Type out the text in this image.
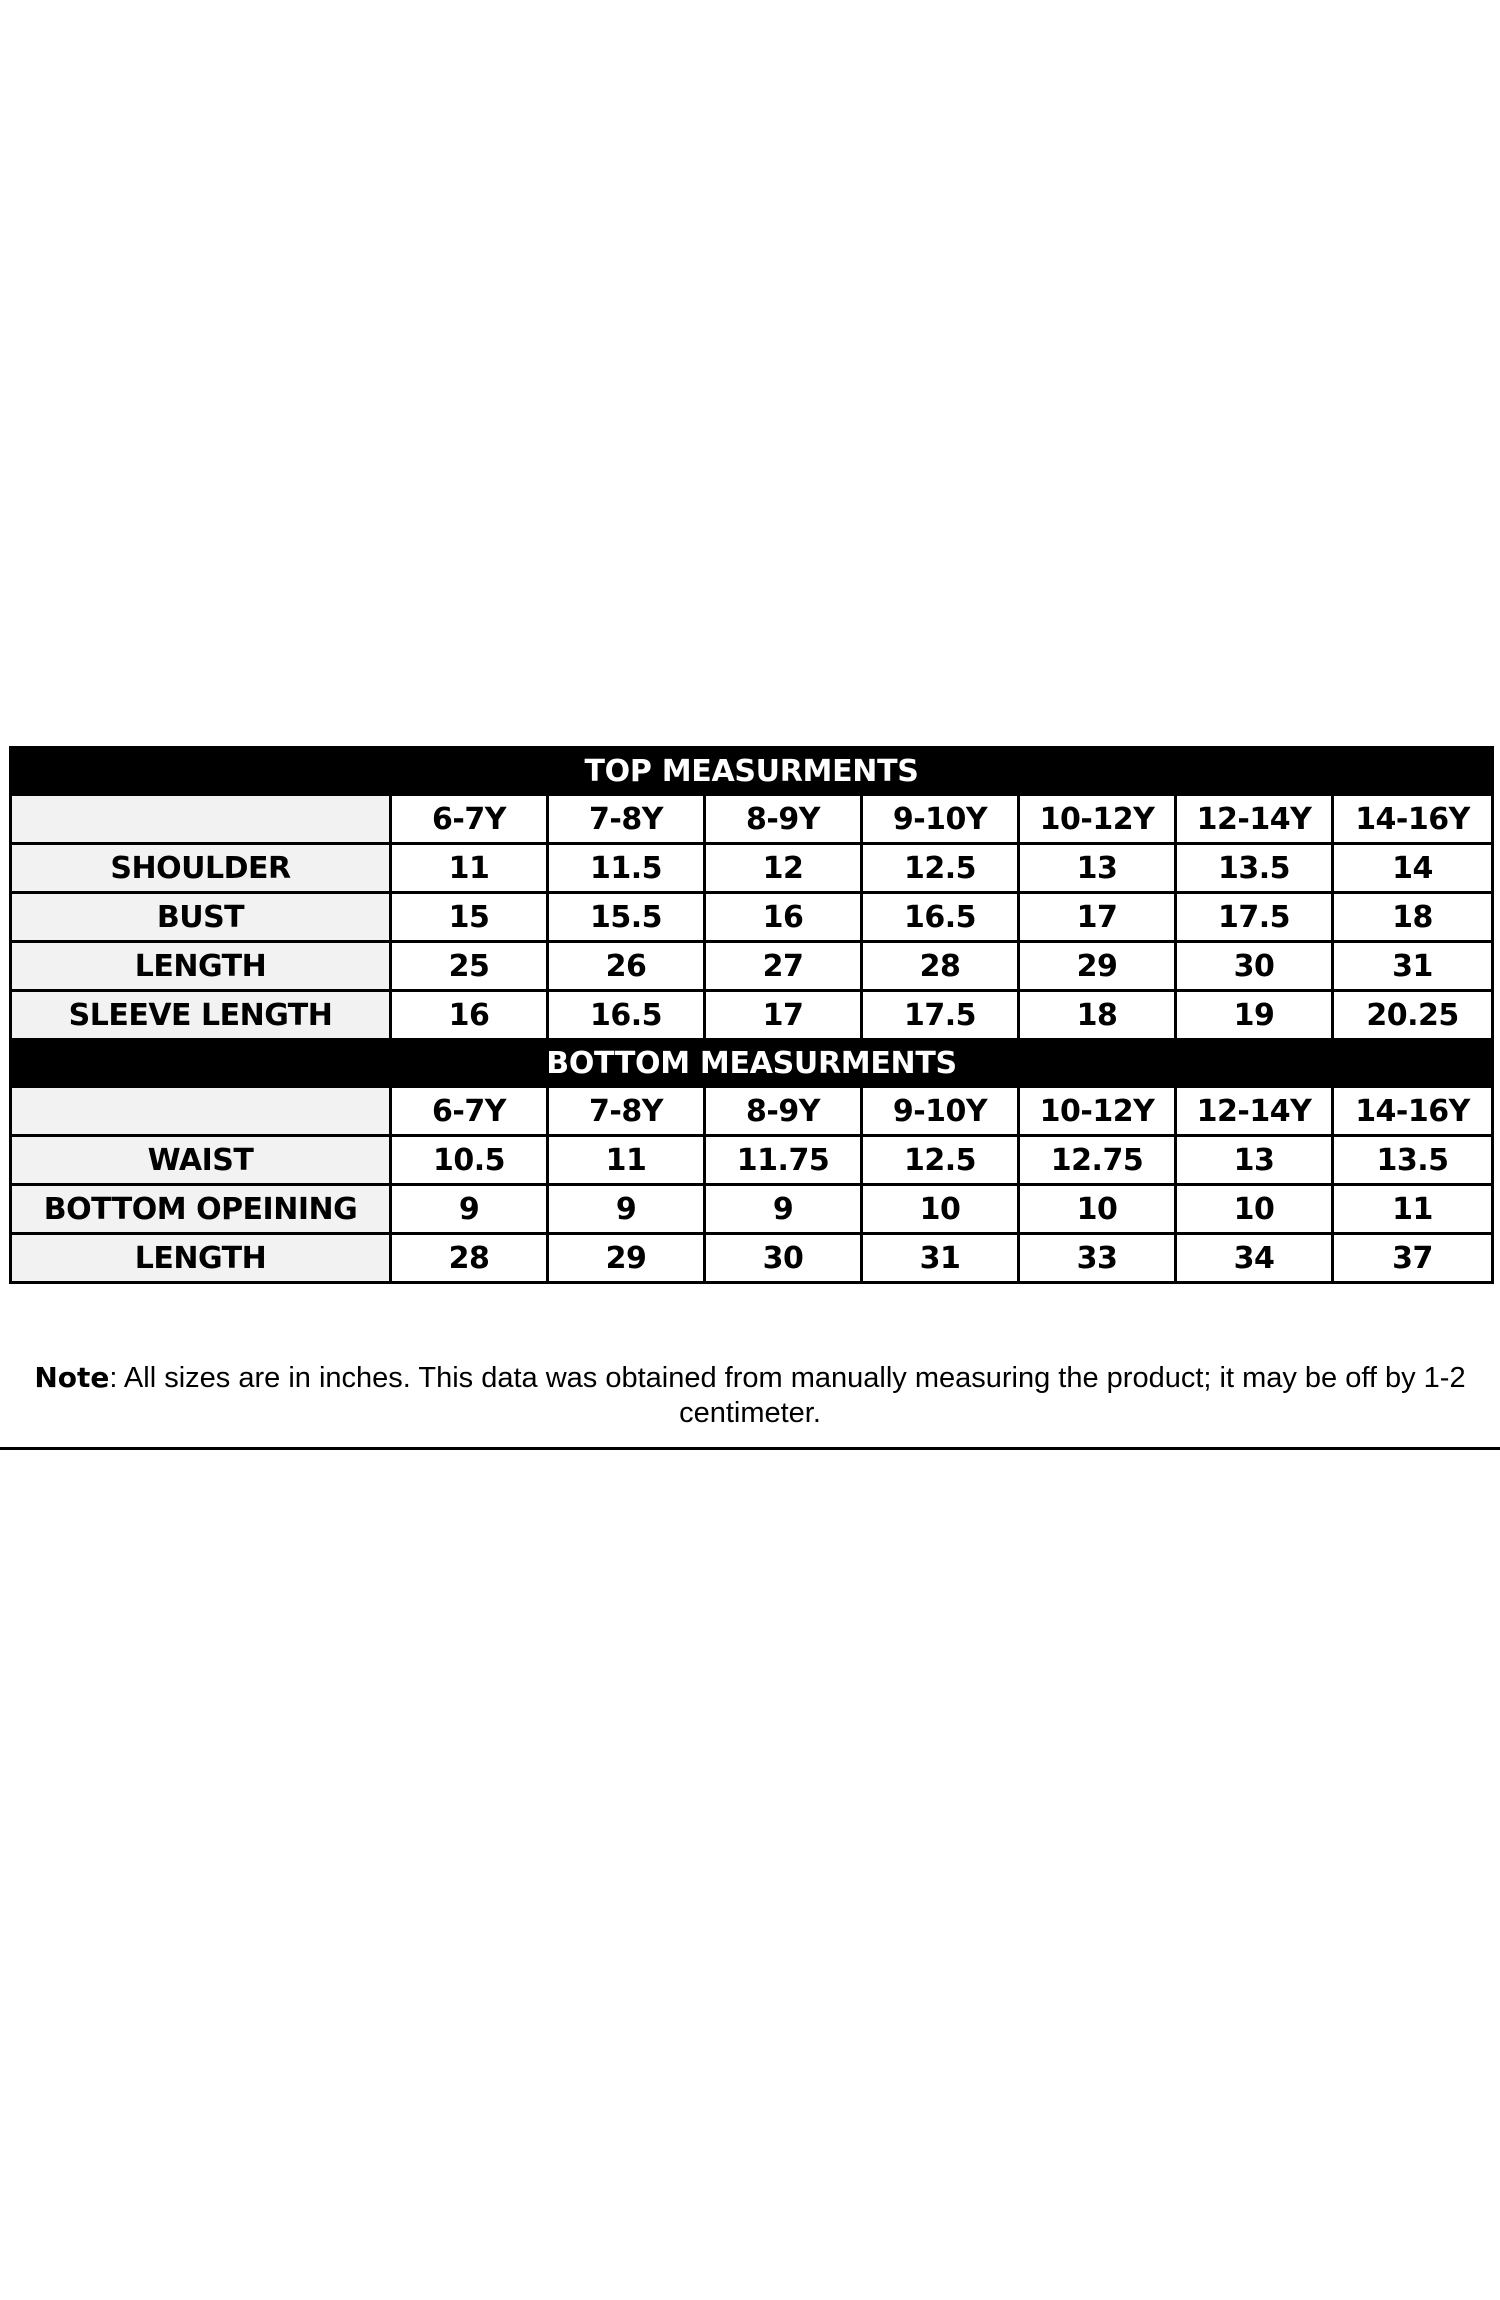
TOP MEASURMENTS							
	6-7Y	7-8Y	8-9Y	9-10Y	10-12Y	12-14Y	14-16Y
SHOULDER	11	11.5	12	12.5	13	13.5	14
BUST	15	15.5	16	16.5	17	17.5	18
LENGTH	25	26	27	28	29	30	31
SLEEVE LENGTH	16	16.5	17	17.5	18	19	20.25
BOTTOM MEASURMENTS							
	6-7Y	7-8Y	8-9Y	9-10Y	10-12Y	12-14Y	14-16Y
WAIST	10.5	11	11.75	12.5	12.75	13	13.5
BOTTOM OPEINING	9	9	9	10	10	10	11
LENGTH	28	29	30	31	33	34	37
Note: All sizes are in inches. This data was obtained from manually measuring the product; it may be off by 1-2 centimeter.
